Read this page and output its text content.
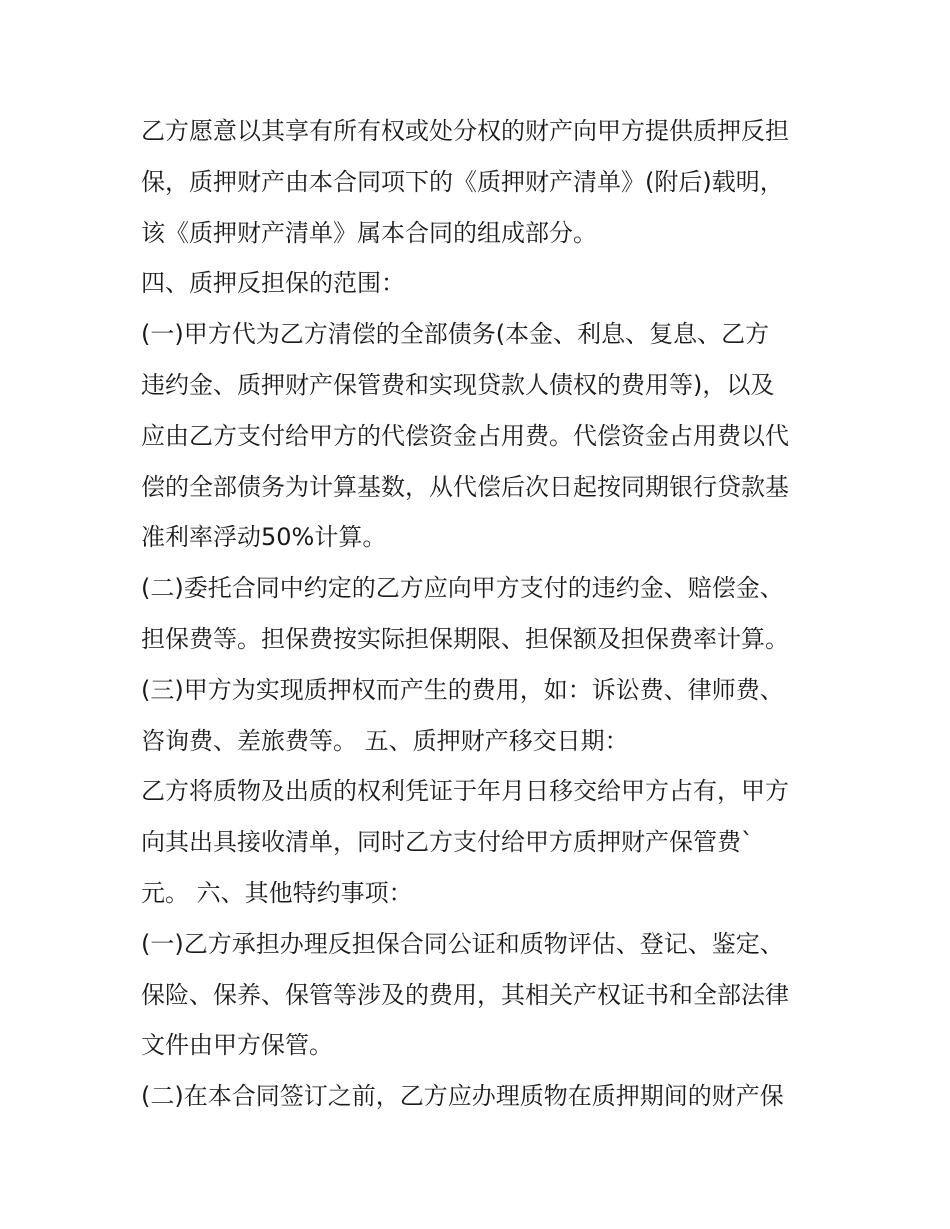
乙方愿意以其享有所有权或处分权的财产向甲方提供质押反担
保，质押财产由本合同项下的《质押财产清单》(附后)载明，
该《质押财产清单》属本合同的组成部分。
四、质押反担保的范围：
(一)甲方代为乙方清偿的全部债务(本金、利息、复息、乙方
违约金、质押财产保管费和实现贷款人债权的费用等)，以及
应由乙方支付给甲方的代偿资金占用费。代偿资金占用费以代
偿的全部债务为计算基数，从代偿后次日起按同期银行贷款基
准利率浮动50%计算。
(二)委托合同中约定的乙方应向甲方支付的违约金、赔偿金、
担保费等。担保费按实际担保期限、担保额及担保费率计算。
(三)甲方为实现质押权而产生的费用，如：诉讼费、律师费、
咨询费、差旅费等。 五、质押财产移交日期：
乙方将质物及出质的权利凭证于年月日移交给甲方占有，甲方
向其出具接收清单，同时乙方支付给甲方质押财产保管费`
元。 六、其他特约事项：
(一)乙方承担办理反担保合同公证和质物评估、登记、鉴定、
保险、保养、保管等涉及的费用，其相关产权证书和全部法律
文件由甲方保管。
(二)在本合同签订之前，乙方应办理质物在质押期间的财产保
